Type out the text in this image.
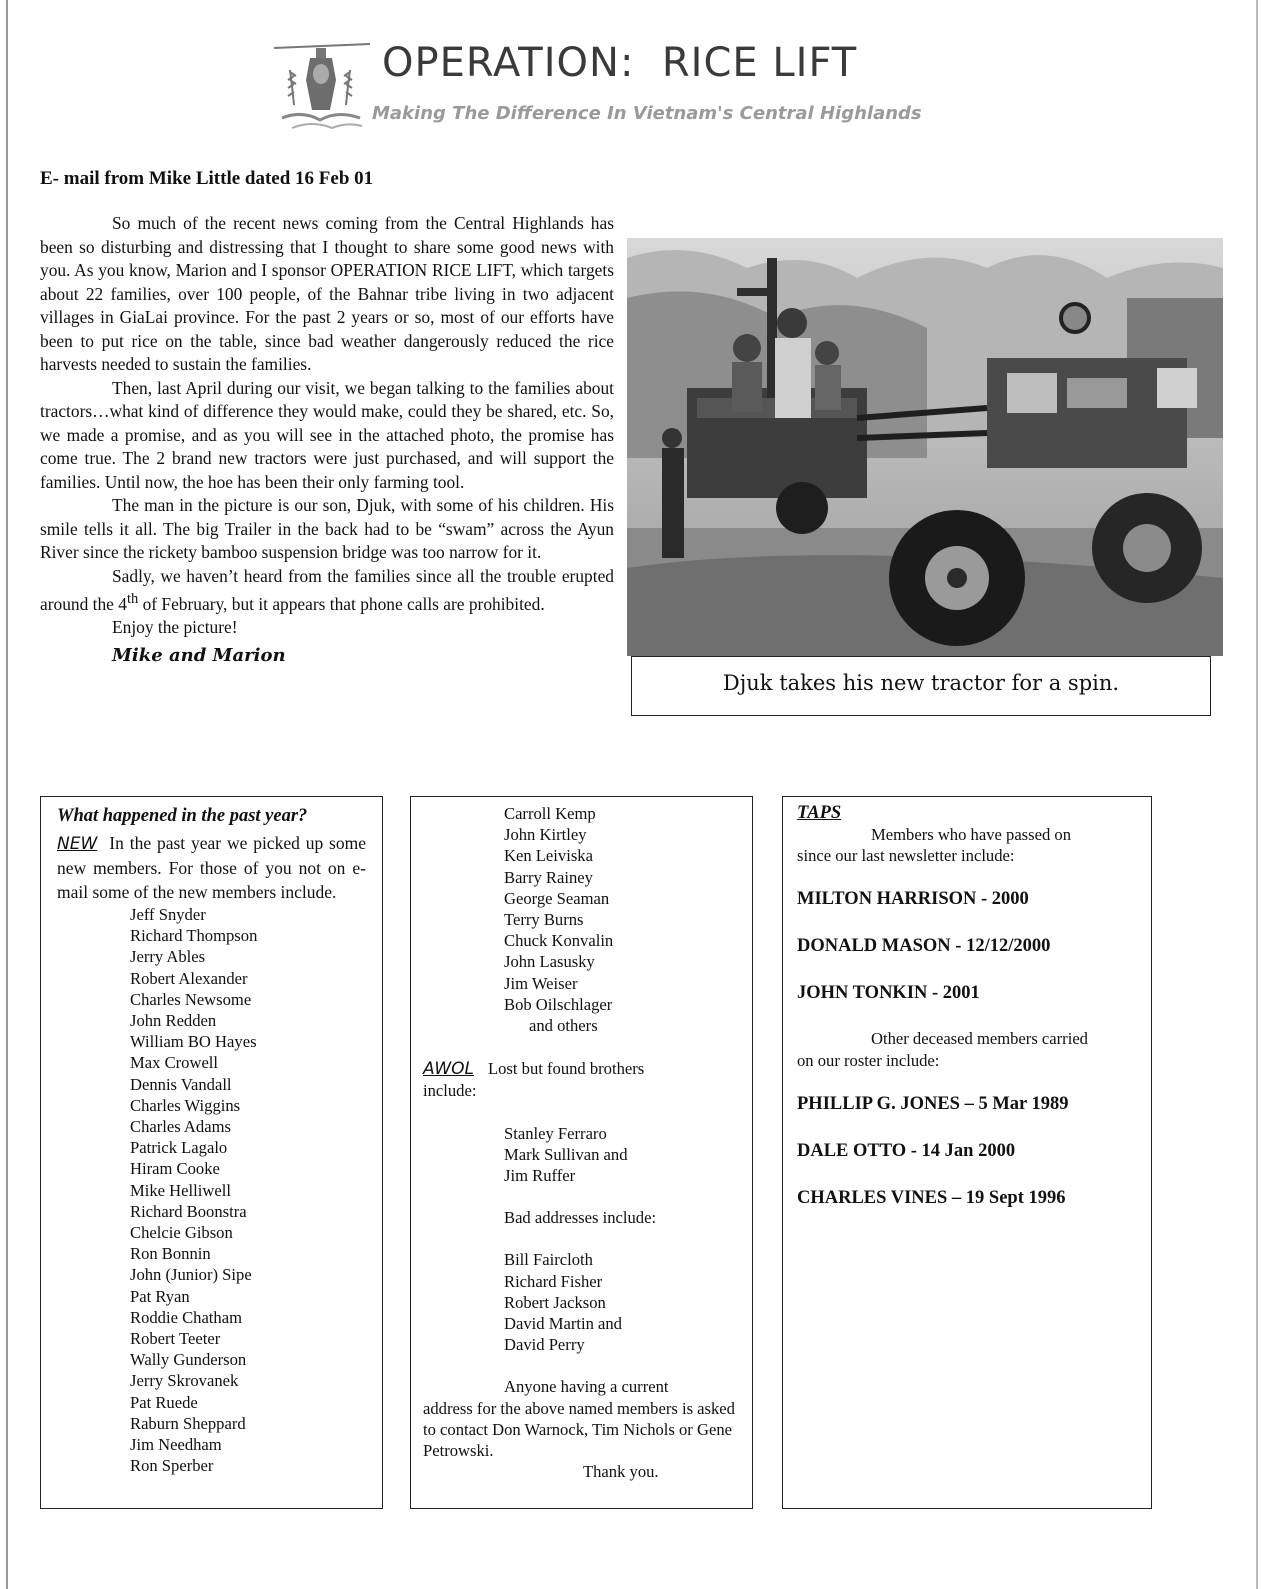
OPERATION:  RICE LIFT
Making The Difference In Vietnam's Central Highlands
E- mail from Mike Little dated 16 Feb 01

So much of the recent news coming from the Central Highlands has been so disturbing and distressing that I thought to share some good news with you. As you know, Marion and I sponsor OPERATION RICE LIFT, which targets about 22 families, over 100 people, of the Bahnar tribe living in two adjacent villages in GiaLai province. For the past 2 years or so, most of our efforts have been to put rice on the table, since bad weather dangerously reduced the rice harvests needed to sustain the families.

Then, last April during our visit, we began talking to the families about tractors…what kind of difference they would make, could they be shared, etc. So, we made a promise, and as you will see in the attached photo, the promise has come true. The 2 brand new tractors were just purchased, and will support the families. Until now, the hoe has been their only farming tool.

The man in the picture is our son, Djuk, with some of his children. His smile tells it all. The big Trailer in the back had to be “swam” across the Ayun River since the rickety bamboo suspension bridge was too narrow for it.

Sadly, we haven’t heard from the families since all the trouble erupted around the 4th of February, but it appears that phone calls are prohibited.

Enjoy the picture!

Mike and Marion
Djuk takes his new tractor for a spin.
What happened in the past year?
NEW In the past year we picked up some new members. For those of you not on e-mail some of the new members include.
Jeff Snyder
Richard Thompson
Jerry Ables
Robert Alexander
Charles Newsome
John Redden
William BO Hayes
Max Crowell
Dennis Vandall
Charles Wiggins
Charles Adams
Patrick Lagalo
Hiram Cooke
Mike Helliwell
Richard Boonstra
Chelcie Gibson
Ron Bonnin
John (Junior) Sipe
Pat Ryan
Roddie Chatham
Robert Teeter
Wally Gunderson
Jerry Skrovanek
Pat Ruede
Raburn Sheppard
Jim Needham
Ron Sperber
Carroll Kemp
John Kirtley
Ken Leiviska
Barry Rainey
George Seaman
Terry Burns
Chuck Konvalin
John Lasusky
Jim Weiser
Bob Oilschlager
and others
AWOL Lost but found brothers
include:
Stanley Ferraro
Mark Sullivan and
Jim Ruffer
Bad addresses include:
Bill Faircloth
Richard Fisher
Robert Jackson
David Martin and
David Perry
Anyone having a current
address for the above named members is asked to contact Don Warnock, Tim Nichols or Gene Petrowski.
Thank you.
TAPS
Members who have passed on
since our last newsletter include:
MILTON HARRISON - 2000
DONALD MASON - 12/12/2000
JOHN TONKIN - 2001
Other deceased members carried
on our roster include:
PHILLIP G. JONES – 5 Mar 1989
DALE OTTO - 14 Jan 2000
CHARLES VINES – 19 Sept 1996
